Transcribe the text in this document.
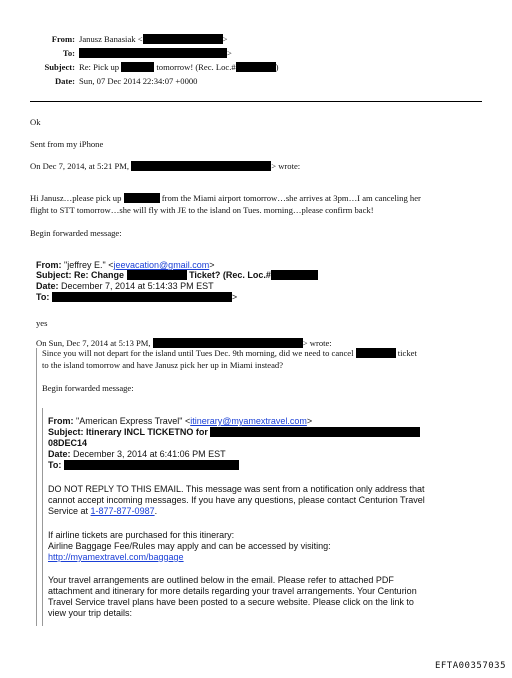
From: Janusz Banasiak <	>
To:	>
Subject: Re: Pick up	tomorrow! (Rec. Loc.#	)
Date: Sun, 07 Dec 2014 22:34:07 +0000
Ok
Sent from my iPhone
On Dec 7, 2014, at 5:21 PM,	> wrote:
Hi Janusz…please pick up	from the Miami airport tomorrow…she arrives at 3pm…I am canceling her
flight to STT tomorrow…she will fly with JE to the island on Tues. morning…please confirm back!
Begin forwarded message:
From: "jeffrey E." <jeevacation@gmail.com>
Subject: Re: Change	Ticket? (Rec. Loc.#
Date: December 7, 2014 at 5:14:33 PM EST
To:	>
yes
On Sun, Dec 7, 2014 at 5:13 PM,	> wrote:
Since you will not depart for the island until Tues Dec. 9th morning, did we need to cancel	ticket
to the island tomorrow and have Janusz pick her up in Miami instead?
Begin forwarded message:
From: "American Express Travel" <itinerary@myamextravel.com>
Subject: Itinerary INCL TICKETNO for
08DEC14
Date: December 3, 2014 at 6:41:06 PM EST
To:
DO NOT REPLY TO THIS EMAIL. This message was sent from a notification only address that
cannot accept incoming messages. If you have any questions, please contact Centurion Travel
Service at 1-877-877-0987.
If airline tickets are purchased for this itinerary:
Airline Baggage Fee/Rules may apply and can be accessed by visiting:
http://myamextravel.com/baggage
Your travel arrangements are outlined below in the email. Please refer to attached PDF
attachment and itinerary for more details regarding your travel arrangements. Your Centurion
Travel Service travel plans have been posted to a secure website. Please click on the link to
view your trip details:
EFTA00357035
